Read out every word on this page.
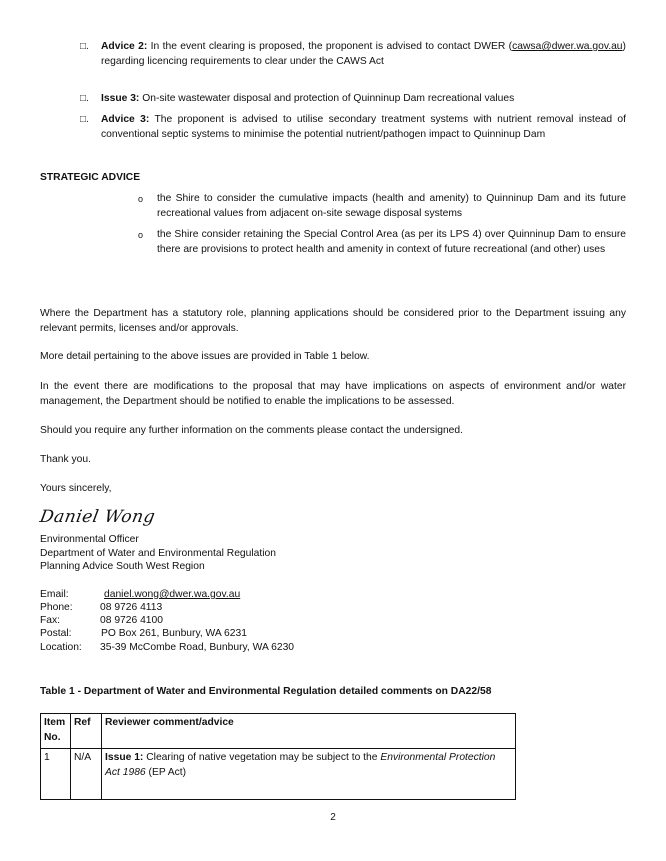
□. Advice 2: In the event clearing is proposed, the proponent is advised to contact DWER (cawsa@dwer.wa.gov.au) regarding licencing requirements to clear under the CAWS Act
□. Issue 3: On-site wastewater disposal and protection of Quinninup Dam recreational values
□. Advice 3: The proponent is advised to utilise secondary treatment systems with nutrient removal instead of conventional septic systems to minimise the potential nutrient/pathogen impact to Quinninup Dam
STRATEGIC ADVICE
o the Shire to consider the cumulative impacts (health and amenity) to Quinninup Dam and its future recreational values from adjacent on-site sewage disposal systems
o the Shire consider retaining the Special Control Area (as per its LPS 4) over Quinninup Dam to ensure there are provisions to protect health and amenity in context of future recreational (and other) uses
Where the Department has a statutory role, planning applications should be considered prior to the Department issuing any relevant permits, licenses and/or approvals.
More detail pertaining to the above issues are provided in Table 1 below.
In the event there are modifications to the proposal that may have implications on aspects of environment and/or water management, the Department should be notified to enable the implications to be assessed.
Should you require any further information on the comments please contact the undersigned.
Thank you.
Yours sincerely,
Daniel Wong
Environmental Officer
Department of Water and Environmental Regulation
Planning Advice South West Region
Email:	daniel.wong@dwer.wa.gov.au
Phone:	08 9726 4113
Fax:	08 9726 4100
Postal:	PO Box 261, Bunbury, WA 6231
Location: 35-39 McCombe Road, Bunbury, WA 6230
Table 1 - Department of Water and Environmental Regulation detailed comments on DA22/58
Item
No.	Ref	Reviewer comment/advice
1	N/A	Issue 1: Clearing of native vegetation may be subject to the Environmental Protection Act 1986 (EP Act)
2
